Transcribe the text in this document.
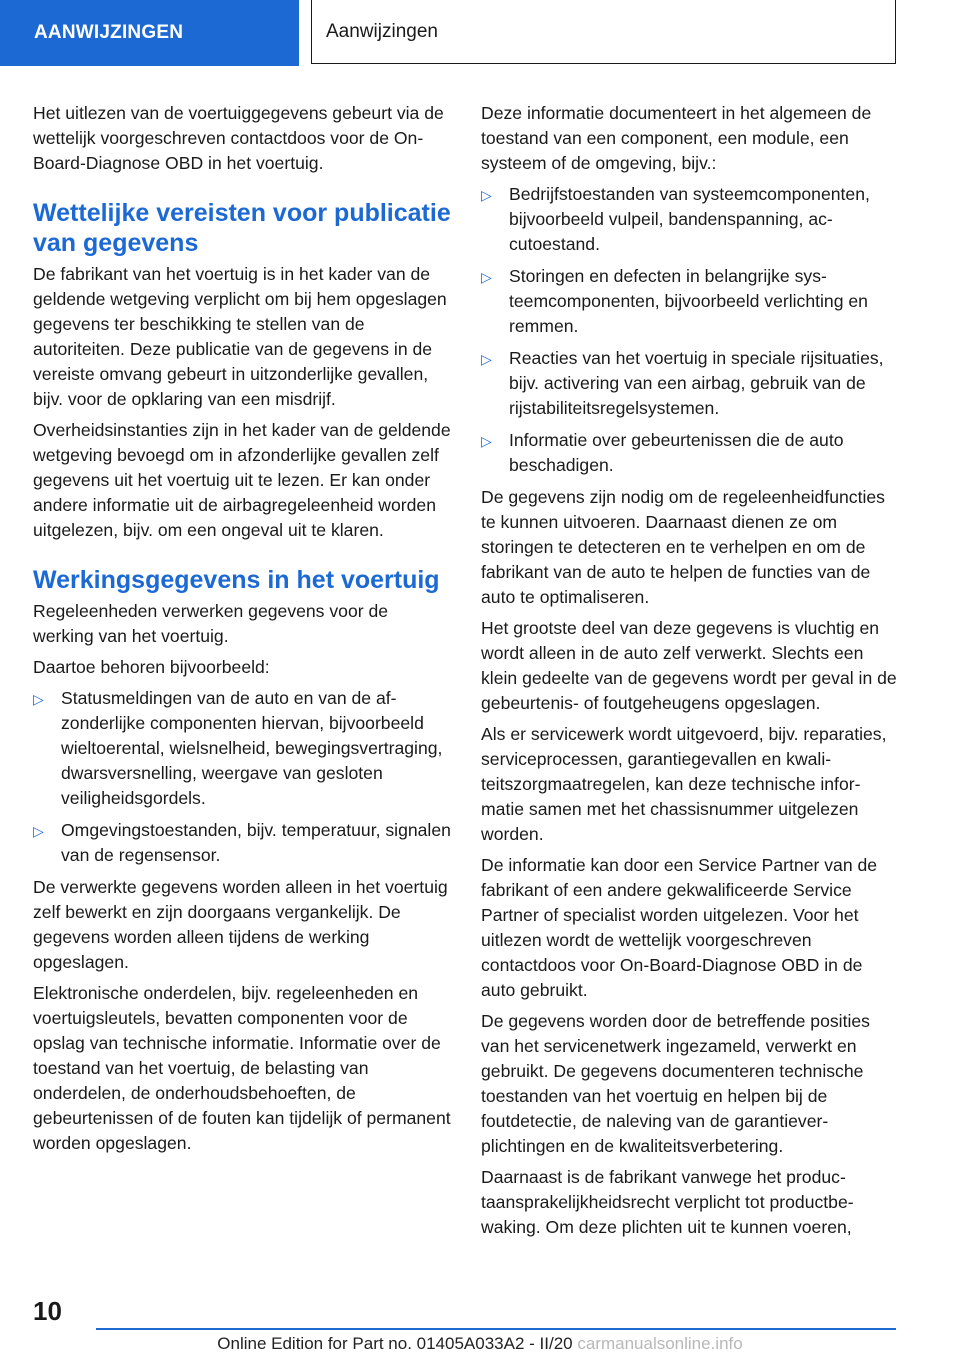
AANWIJZINGEN	Aanwijzingen

Het uitlezen van de voertuiggegevens gebeurt via de wettelijk voorgeschreven contactdoos voor de On-Board-Diagnose OBD in het voertuig.

Wettelijke vereisten voor publicatie van gegevens

De fabrikant van het voertuig is in het kader van de geldende wetgeving verplicht om bij hem opgeslagen gegevens ter beschikking te stellen van de autoriteiten. Deze publicatie van de gegevens in de vereiste omvang gebeurt in uitzonderlijke gevallen, bijv. voor de opklaring van een misdrijf.

Overheidsinstanties zijn in het kader van de geldende wetgeving bevoegd om in afzonderlijke gevallen zelf gegevens uit het voertuig uit te lezen. Er kan onder andere informatie uit de airbagregeleenheid worden uitgelezen, bijv. om een ongeval uit te klaren.

Werkingsgegevens in het voertuig

Regeleenheden verwerken gegevens voor de werking van het voertuig.

Daartoe behoren bijvoorbeeld:

▷ Statusmeldingen van de auto en van de afzonderlijke componenten hiervan, bijvoorbeeld wieltoerental, wielsnelheid, bewegingsvertraging, dwarsversnelling, weergave van gesloten veiligheidsgordels.
▷ Omgevingstoestanden, bijv. temperatuur, signalen van de regensensor.

De verwerkte gegevens worden alleen in het voertuig zelf bewerkt en zijn doorgaans vergankelijk. De gegevens worden alleen tijdens de werking opgeslagen.

Elektronische onderdelen, bijv. regeleenheden en voertuigsleutels, bevatten componenten voor de opslag van technische informatie. Informatie over de toestand van het voertuig, de belasting van onderdelen, de onderhoudsbehoeften, de gebeurtenissen of de fouten kan tijdelijk of permanent worden opgeslagen.

Deze informatie documenteert in het algemeen de toestand van een component, een module, een systeem of de omgeving, bijv.:

▷ Bedrijfstoestanden van systeemcomponenten, bijvoorbeeld vulpeil, bandenspanning, accutoestand.
▷ Storingen en defecten in belangrijke systeemcomponenten, bijvoorbeeld verlichting en remmen.
▷ Reacties van het voertuig in speciale rijsituaties, bijv. activering van een airbag, gebruik van de rijstabiliteitsregelsystemen.
▷ Informatie over gebeurtenissen die de auto beschadigen.

De gegevens zijn nodig om de regeleenheidfuncties te kunnen uitvoeren. Daarnaast dienen ze om storingen te detecteren en te verhelpen en om de fabrikant van de auto te helpen de functies van de auto te optimaliseren.

Het grootste deel van deze gegevens is vluchtig en wordt alleen in de auto zelf verwerkt. Slechts een klein gedeelte van de gegevens wordt per geval in de gebeurtenis- of foutgeheugens opgeslagen.

Als er servicewerk wordt uitgevoerd, bijv. reparaties, serviceprocessen, garantiegevallen en kwaliteitszorgmaatregelen, kan deze technische informatie samen met het chassisnummer uitgelezen worden.

De informatie kan door een Service Partner van de fabrikant of een andere gekwalificeerde Service Partner of specialist worden uitgelezen. Voor het uitlezen wordt de wettelijk voorgeschreven contactdoos voor On-Board-Diagnose OBD in de auto gebruikt.

De gegevens worden door de betreffende posities van het servicenetwerk ingezameld, verwerkt en gebruikt. De gegevens documenteren technische toestanden van het voertuig en helpen bij de foutdetectie, de naleving van de garantieverplichtingen en de kwaliteitsverbetering.

Daarnaast is de fabrikant vanwege het productaansprakelijkheidsrecht verplicht tot productbewaking. Om deze plichten uit te kunnen voeren,

10
Online Edition for Part no. 01405A033A2 - II/20 carmanualsonline.info
